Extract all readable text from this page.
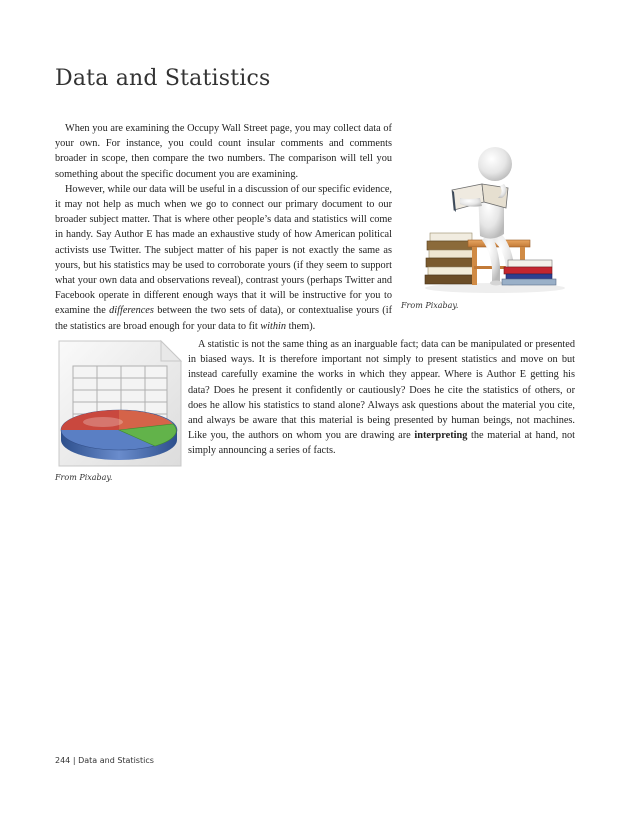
Data and Statistics

When you are examining the Occupy Wall Street page, you may collect data of your own. For instance, you could count insular comments and comments broader in scope, then compare the two numbers. The comparison will tell you something about the specific document you are examining.

However, while our data will be useful in a discussion of our specific evidence, it may not help as much when we go to connect our primary document to our broader subject matter. That is where other people’s data and statistics will come in handy. Say Author E has made an exhaustive study of how American political activists use Twitter. The subject matter of his paper is not exactly the same as yours, but his statistics may be used to corroborate yours (if they seem to support what your own data and observations reveal), contrast yours (perhaps Twitter and Facebook operate in different enough ways that it will be instructive for you to examine the differences between the two sets of data), or contextualise yours (if the statistics are broad enough for your data to fit within them).

From Pixabay.

From Pixabay.

A statistic is not the same thing as an inarguable fact; data can be manipulated or presented in biased ways. It is therefore important not simply to present statistics and move on but instead carefully examine the works in which they appear. Where is Author E getting his data? Does he present it confidently or cautiously? Does he cite the statistics of others, or does he allow his statistics to stand alone? Always ask questions about the material you cite, and always be aware that this material is being presented by human beings, not machines. Like you, the authors on whom you are drawing are interpreting the material at hand, not simply announcing a series of facts.

244 | Data and Statistics
